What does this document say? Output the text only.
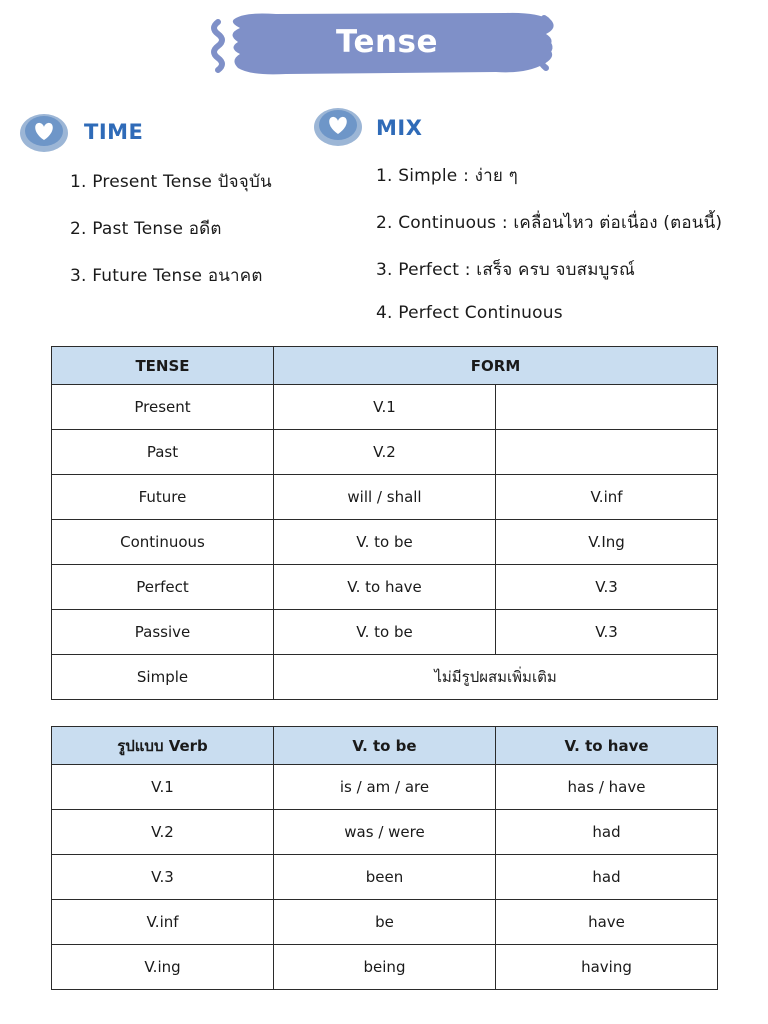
Tense
TIME
1. Present Tense ปัจจุบัน
2. Past Tense อดีต
3. Future Tense อนาคต
MIX
1. Simple : ง่าย ๆ
2. Continuous : เคลื่อนไหว ต่อเนื่อง (ตอนนี้)
3. Perfect : เสร็จ ครบ จบสมบูรณ์
4. Perfect Continuous
TENSE	FORM	
Present	V.1	
Past	V.2	
Future	will / shall	V.inf
Continuous	V. to be	V.Ing
Perfect	V. to have	V.3
Passive	V. to be	V.3
Simple	ไม่มีรูปผสมเพิ่มเติม	
รูปแบบ Verb	V. to be	V. to have
V.1	is / am / are	has / have
V.2	was / were	had
V.3	been	had
V.inf	be	have
V.ing	being	having
